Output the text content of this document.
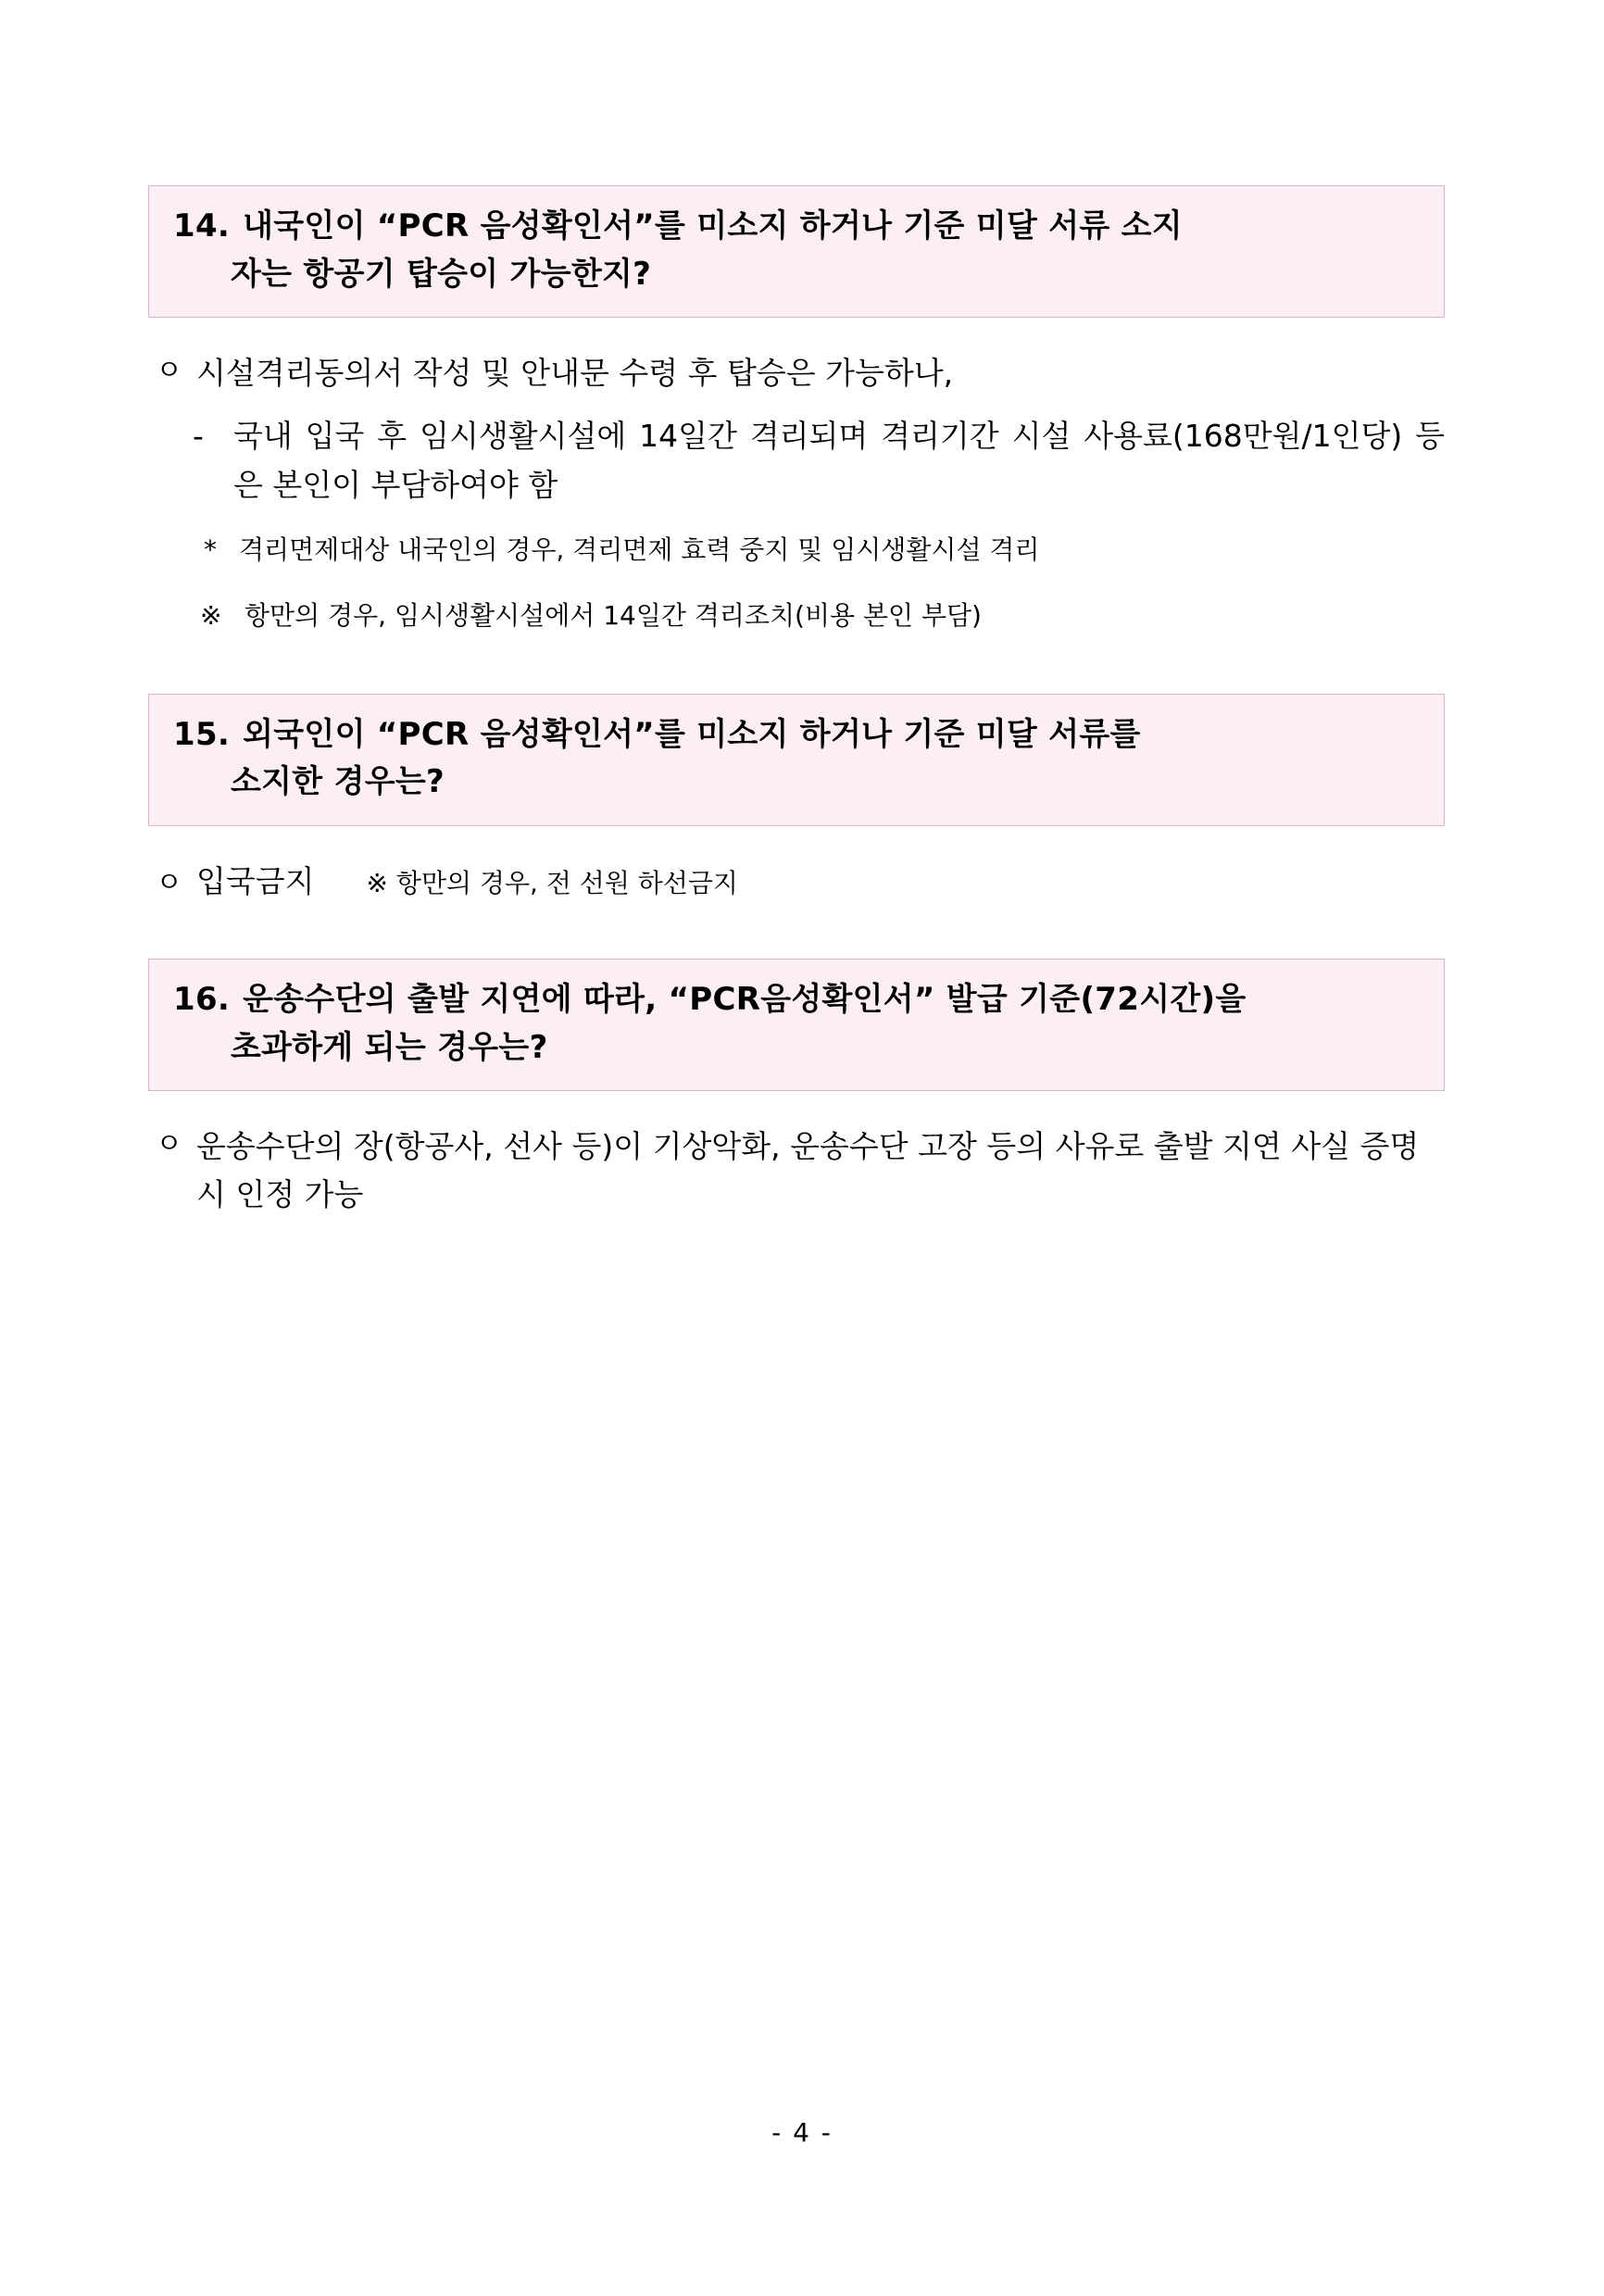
14. 내국인이 “PCR 음성확인서”를 미소지 하거나 기준 미달 서류 소지
자는 항공기 탑승이 가능한지?
ㅇ 시설격리동의서 작성 및 안내문 수령 후 탑승은 가능하나,
- 국내 입국 후 임시생활시설에 14일간 격리되며 격리기간 시설 사용료(168만원/1인당) 등은 본인이 부담하여야 함
* 격리면제대상 내국인의 경우, 격리면제 효력 중지 및 임시생활시설 격리
※ 항만의 경우, 임시생활시설에서 14일간 격리조치(비용 본인 부담)
15. 외국인이 “PCR 음성확인서”를 미소지 하거나 기준 미달 서류를
소지한 경우는?
ㅇ 입국금지 ※ 항만의 경우, 전 선원 하선금지
16. 운송수단의 출발 지연에 따라, “PCR음성확인서” 발급 기준(72시간)을
초과하게 되는 경우는?
ㅇ 운송수단의 장(항공사, 선사 등)이 기상악화, 운송수단 고장 등의 사유로 출발 지연 사실 증명 시 인정 가능
- 4 -
